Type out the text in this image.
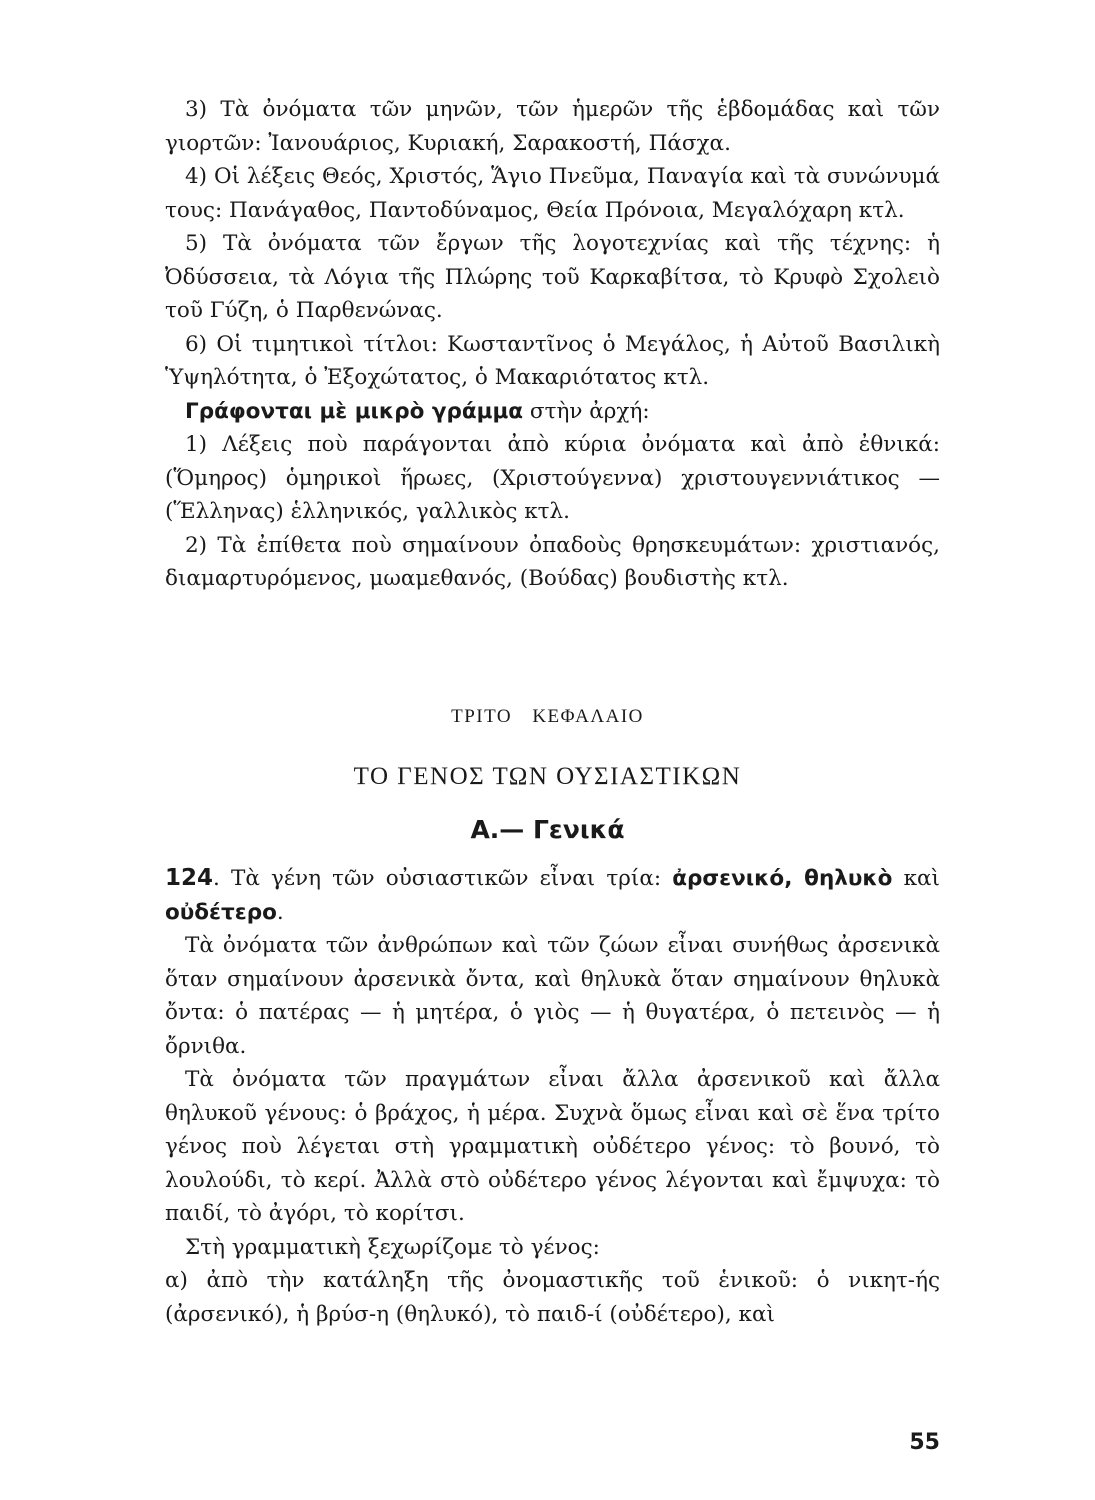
3) Τὰ ὀνόματα τῶν μηνῶν, τῶν ἡμερῶν τῆς ἑβδομάδας καὶ τῶν γιορτῶν: Ἰανουάριος, Κυριακή, Σαρακοστή, Πάσχα.

4) Οἱ λέξεις Θεός, Χριστός, Ἅγιο Πνεῦμα, Παναγία καὶ τὰ συνώνυμά τους: Πανάγαθος, Παντοδύναμος, Θεία Πρόνοια, Μεγαλόχαρη κτλ.

5) Τὰ ὀνόματα τῶν ἔργων τῆς λογοτεχνίας καὶ τῆς τέχνης: ἡ Ὀδύσσεια, τὰ Λόγια τῆς Πλώρης τοῦ Καρκαβίτσα, τὸ Κρυφὸ Σχολειὸ τοῦ Γύζη, ὁ Παρθενώνας.

6) Οἱ τιμητικοὶ τίτλοι: Κωσταντῖνος ὁ Μεγάλος, ἡ Αὐτοῦ Βασιλικὴ Ὑψηλότητα, ὁ Ἐξοχώτατος, ὁ Μακαριότατος κτλ.

Γράφονται μὲ μικρὸ γράμμα στὴν ἀρχή:

1) Λέξεις ποὺ παράγονται ἀπὸ κύρια ὀνόματα καὶ ἀπὸ ἐθνικά: (Ὅμηρος) ὁμηρικοὶ ἥρωες, (Χριστούγεννα) χριστουγεννιάτικος — (Ἕλληνας) ἑλληνικός, γαλλικὸς κτλ.

2) Τὰ ἐπίθετα ποὺ σημαίνουν ὀπαδοὺς θρησκευμάτων: χριστιανός, διαμαρτυρόμενος, μωαμεθανός, (Βούδας) βουδιστὴς κτλ.

ΤΡΙΤΟ ΚΕΦΑΛΑΙΟ
ΤΟ ΓΕΝΟΣ ΤΩΝ ΟΥΣΙΑΣΤΙΚΩΝ
Α.— Γενικά

124. Τὰ γένη τῶν οὐσιαστικῶν εἶναι τρία: ἀρσενικό, θηλυκὸ καὶ οὐδέτερο.

Τὰ ὀνόματα τῶν ἀνθρώπων καὶ τῶν ζώων εἶναι συνήθως ἀρσενικὰ ὅταν σημαίνουν ἀρσενικὰ ὄντα, καὶ θηλυκὰ ὅταν σημαίνουν θηλυκὰ ὄντα: ὁ πατέρας — ἡ μητέρα, ὁ γιὸς — ἡ θυγατέρα, ὁ πετεινὸς — ἡ ὄρνιθα.

Τὰ ὀνόματα τῶν πραγμάτων εἶναι ἄλλα ἀρσενικοῦ καὶ ἄλλα θηλυκοῦ γένους: ὁ βράχος, ἡ μέρα. Συχνὰ ὅμως εἶναι καὶ σὲ ἕνα τρίτο γένος ποὺ λέγεται στὴ γραμματικὴ οὐδέτερο γένος: τὸ βουνό, τὸ λουλούδι, τὸ κερί. Ἀλλὰ στὸ οὐδέτερο γένος λέγονται καὶ ἔμψυχα: τὸ παιδί, τὸ ἀγόρι, τὸ κορίτσι.

Στὴ γραμματικὴ ξεχωρίζομε τὸ γένος:

α) ἀπὸ τὴν κατάληξη τῆς ὀνομαστικῆς τοῦ ἑνικοῦ: ὁ νικητ-ής (ἀρσενικό), ἡ βρύσ-η (θηλυκό), τὸ παιδ-ί (οὐδέτερο), καὶ

55
